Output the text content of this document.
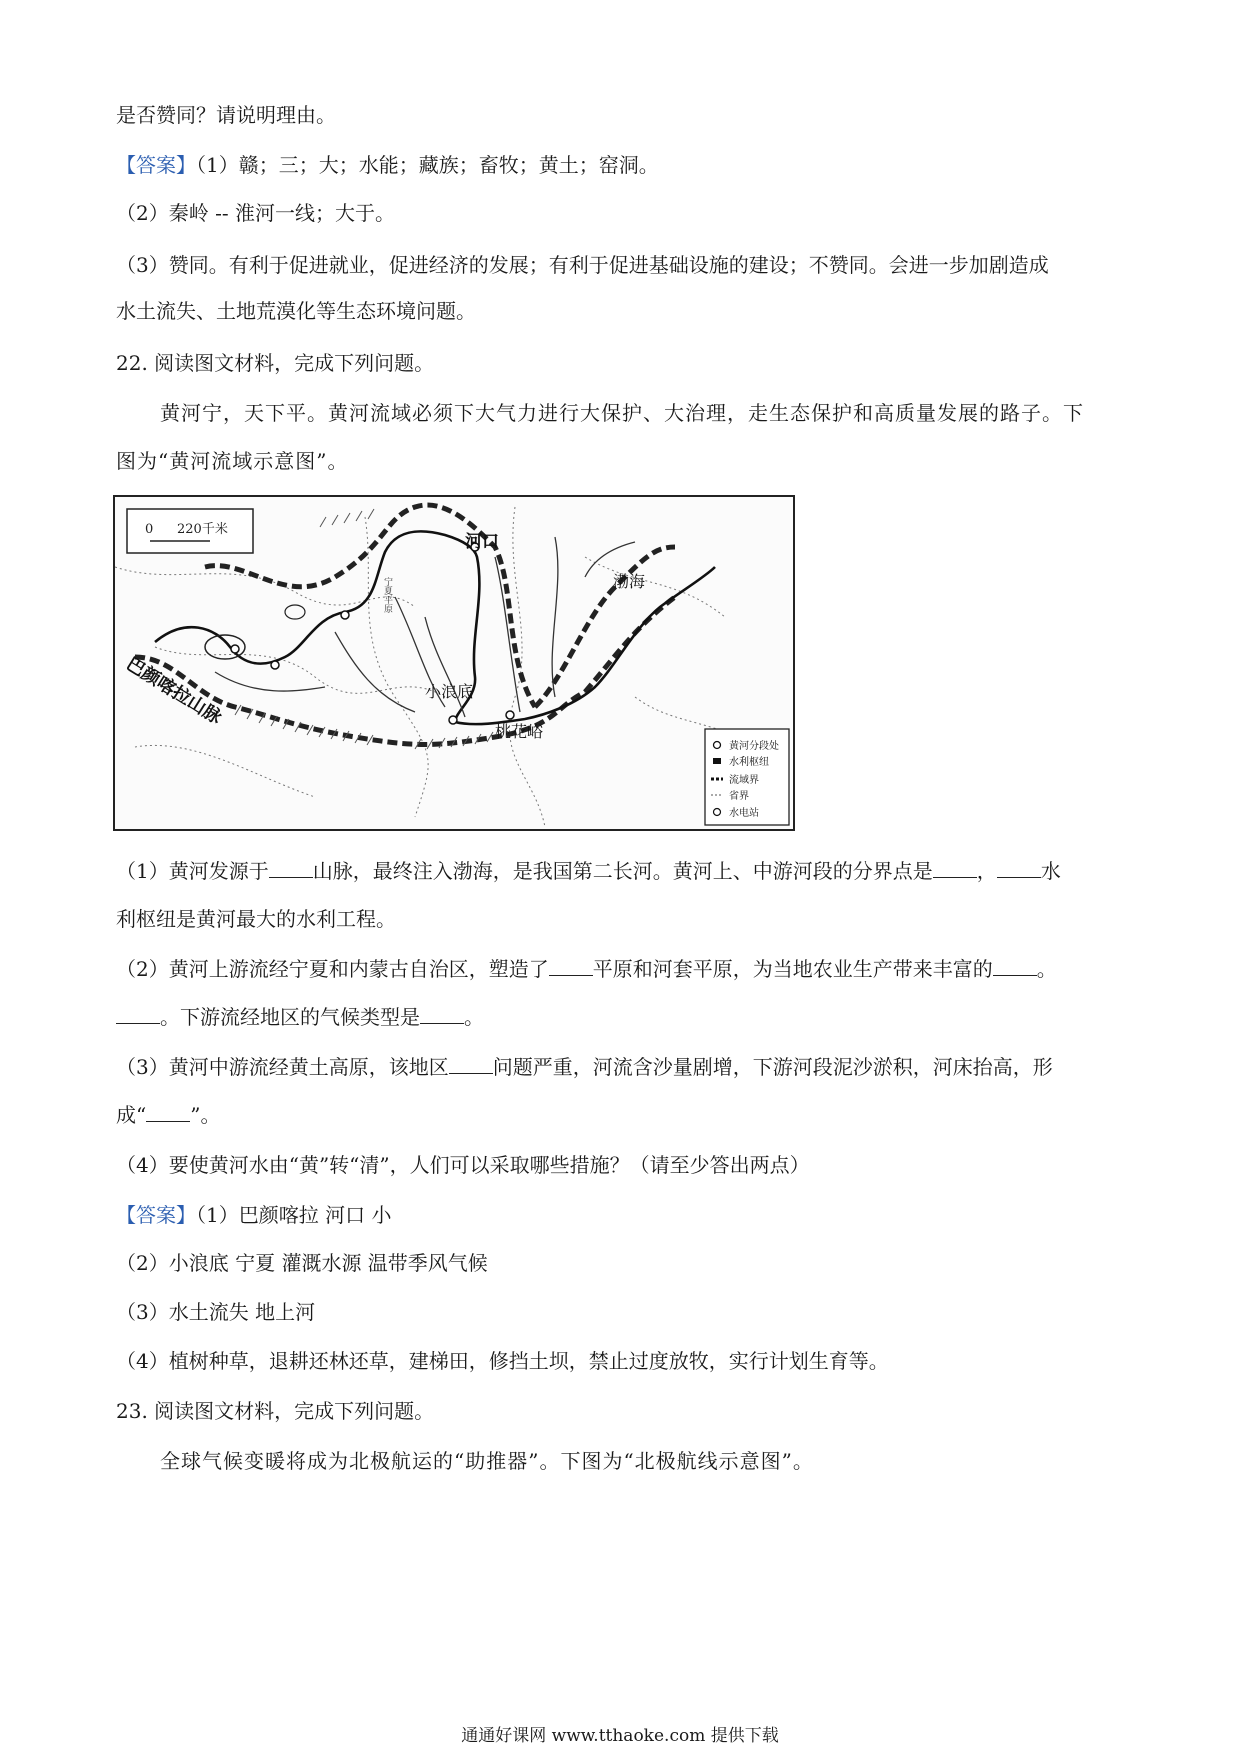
是否赞同？请说明理由。
【答案】（1）赣；三；大；水能；藏族；畜牧；黄土；窑洞。
（2）秦岭 -- 淮河一线；大于。
（3）赞同。有利于促进就业，促进经济的发展；有利于促进基础设施的建设；不赞同。会进一步加剧造成
水土流失、土地荒漠化等生态环境问题。
22. 阅读图文材料，完成下列问题。
黄河宁，天下平。黄河流域必须下大气力进行大保护、大治理，走生态保护和高质量发展的路子。下
图为“黄河流域示意图”。
0 220千米
河口
渤海
宁夏平原
小浪底
桃花峪
巴颜喀拉山脉
黄河分段处
水利枢纽
流域界
省界
水电站
（1）黄河发源于 山脉，最终注入渤海，是我国第二长河。黄河上、中游河段的分界点是 ， 水
利枢纽是黄河最大的水利工程。
（2）黄河上游流经宁夏和内蒙古自治区，塑造了 平原和河套平原，为当地农业生产带来丰富的 。
。下游流经地区的气候类型是 。
（3）黄河中游流经黄土高原，该地区 问题严重，河流含沙量剧增，下游河段泥沙淤积，河床抬高，形
成“ ”。
（4）要使黄河水由“黄”转“清”，人们可以采取哪些措施？（请至少答出两点）
【答案】（1）巴颜喀拉 河口 小
（2）小浪底 宁夏 灌溉水源 温带季风气候
（3）水土流失 地上河
（4）植树种草，退耕还林还草，建梯田，修挡土坝，禁止过度放牧，实行计划生育等。
23. 阅读图文材料，完成下列问题。
全球气候变暖将成为北极航运的“助推器”。下图为“北极航线示意图”。
通通好课网 www.tthaoke.com 提供下载
